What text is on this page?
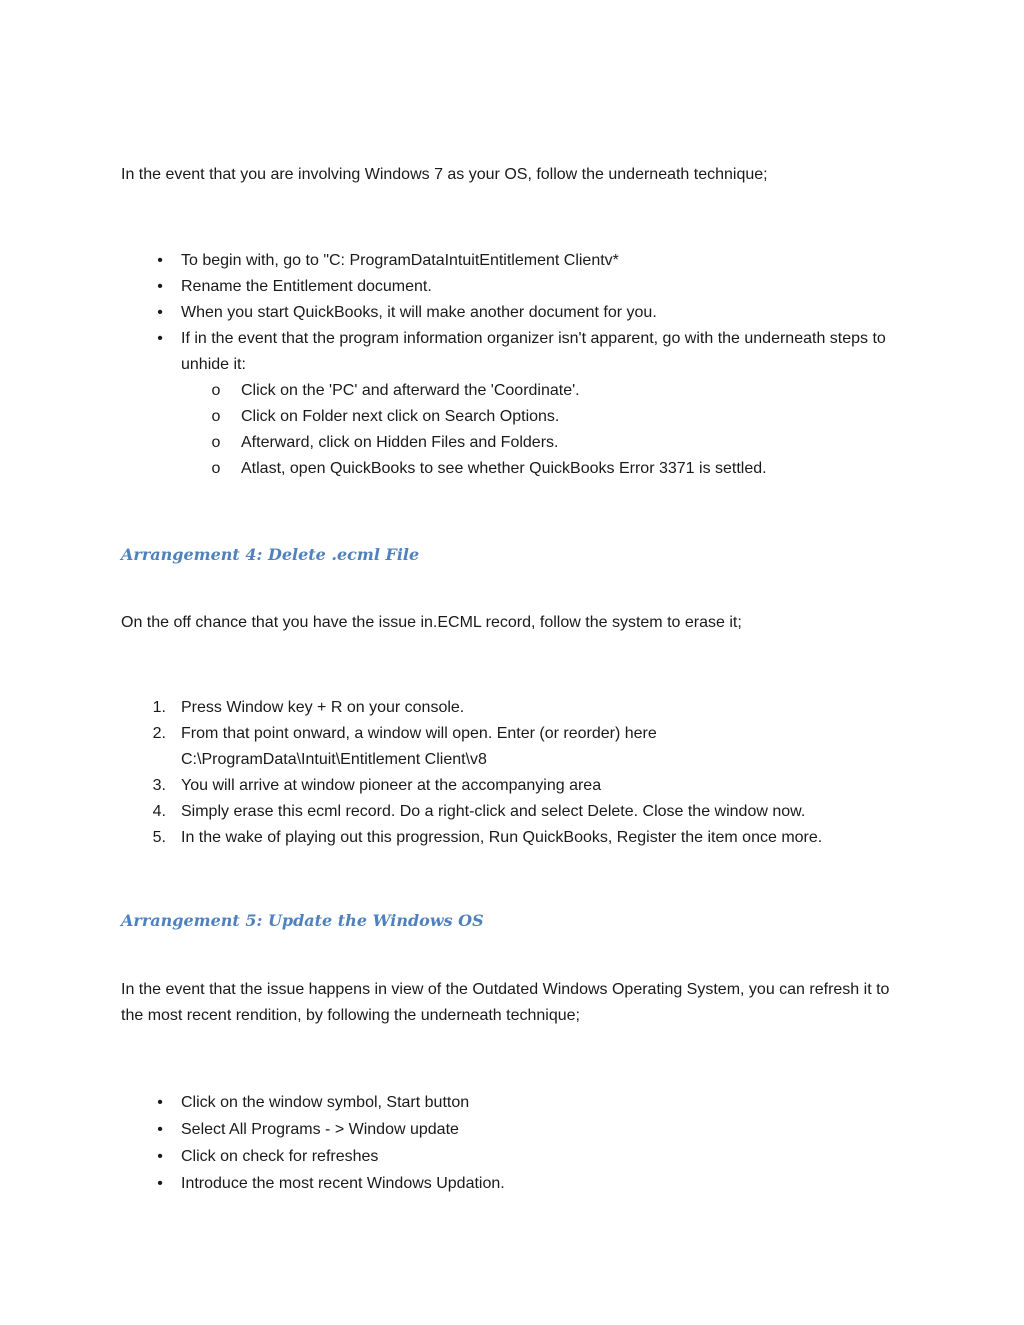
In the event that you are involving Windows 7 as your OS, follow the underneath technique;

•	To begin with, go to "C: ProgramDataIntuitEntitlement Clientv*
•	Rename the Entitlement document.
•	When you start QuickBooks, it will make another document for you.
•	If in the event that the program information organizer isn't apparent, go with the underneath steps to unhide it:
o Click on the 'PC' and afterward the 'Coordinate'.
o Click on Folder next click on Search Options.
o Afterward, click on Hidden Files and Folders.
o Atlast, open QuickBooks to see whether QuickBooks Error 3371 is settled.
Arrangement 4: Delete .ecml File

On the off chance that you have the issue in.ECML record, follow the system to erase it;

1. Press Window key + R on your console.
2. From that point onward, a window will open. Enter (or reorder) here C:\ProgramData\Intuit\Entitlement Client\v8
3. You will arrive at window pioneer at the accompanying area
4. Simply erase this ecml record. Do a right-click and select Delete. Close the window now.
5. In the wake of playing out this progression, Run QuickBooks, Register the item once more.
Arrangement 5: Update the Windows OS

In the event that the issue happens in view of the Outdated Windows Operating System, you can refresh it to the most recent rendition, by following the underneath technique;

•	Click on the window symbol, Start button
•	Select All Programs - > Window update
•	Click on check for refreshes
•	Introduce the most recent Windows Updation.
